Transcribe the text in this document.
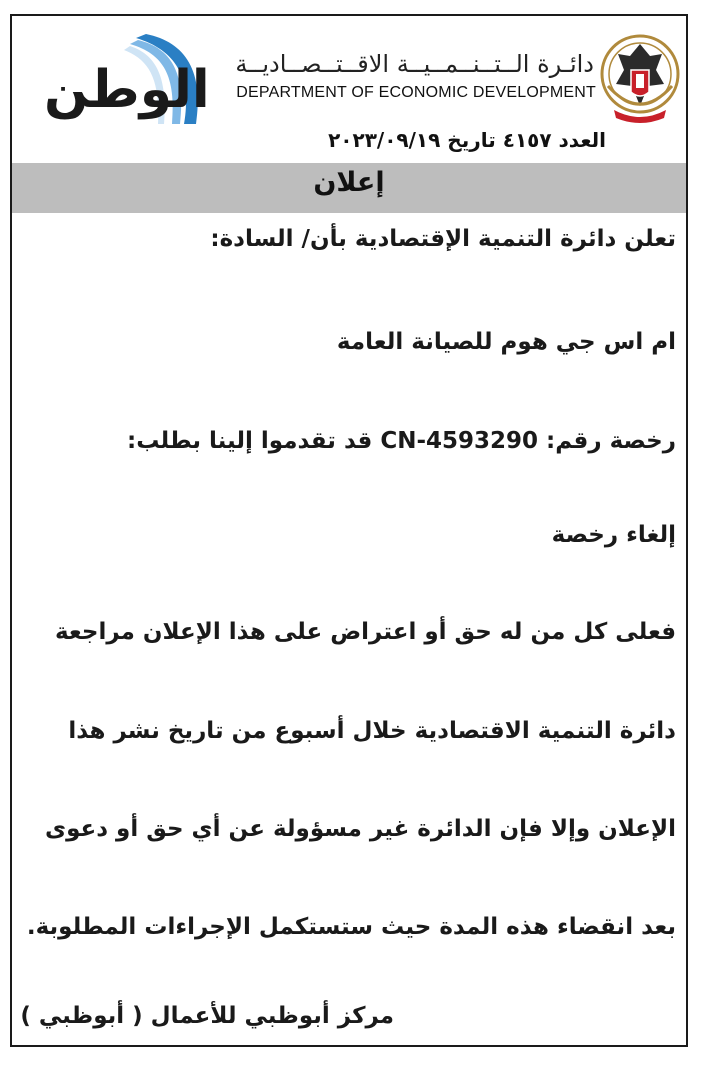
الوطن دائـرة الــتــنــمــيــة الاقــتــصــاديــة
DEPARTMENT OF ECONOMIC DEVELOPMENT
العدد ٤١٥٧ تاريخ ٢٠٢٣/٠٩/١٩
إعلان
تعلن دائرة التنمية الإقتصادية بأن/ السادة:
ام اس جي هوم للصيانة العامة
رخصة رقم: CN-4593290 قد تقدموا إلينا بطلب:
إلغاء رخصة
فعلى كل من له حق أو اعتراض على هذا الإعلان مراجعة
دائرة التنمية الاقتصادية خلال أسبوع من تاريخ نشر هذا
الإعلان وإلا فإن الدائرة غير مسؤولة عن أي حق أو دعوى
بعد انقضاء هذه المدة حيث ستستكمل الإجراءات المطلوبة.
مركز أبوظبي للأعمال ( أبوظبي )
